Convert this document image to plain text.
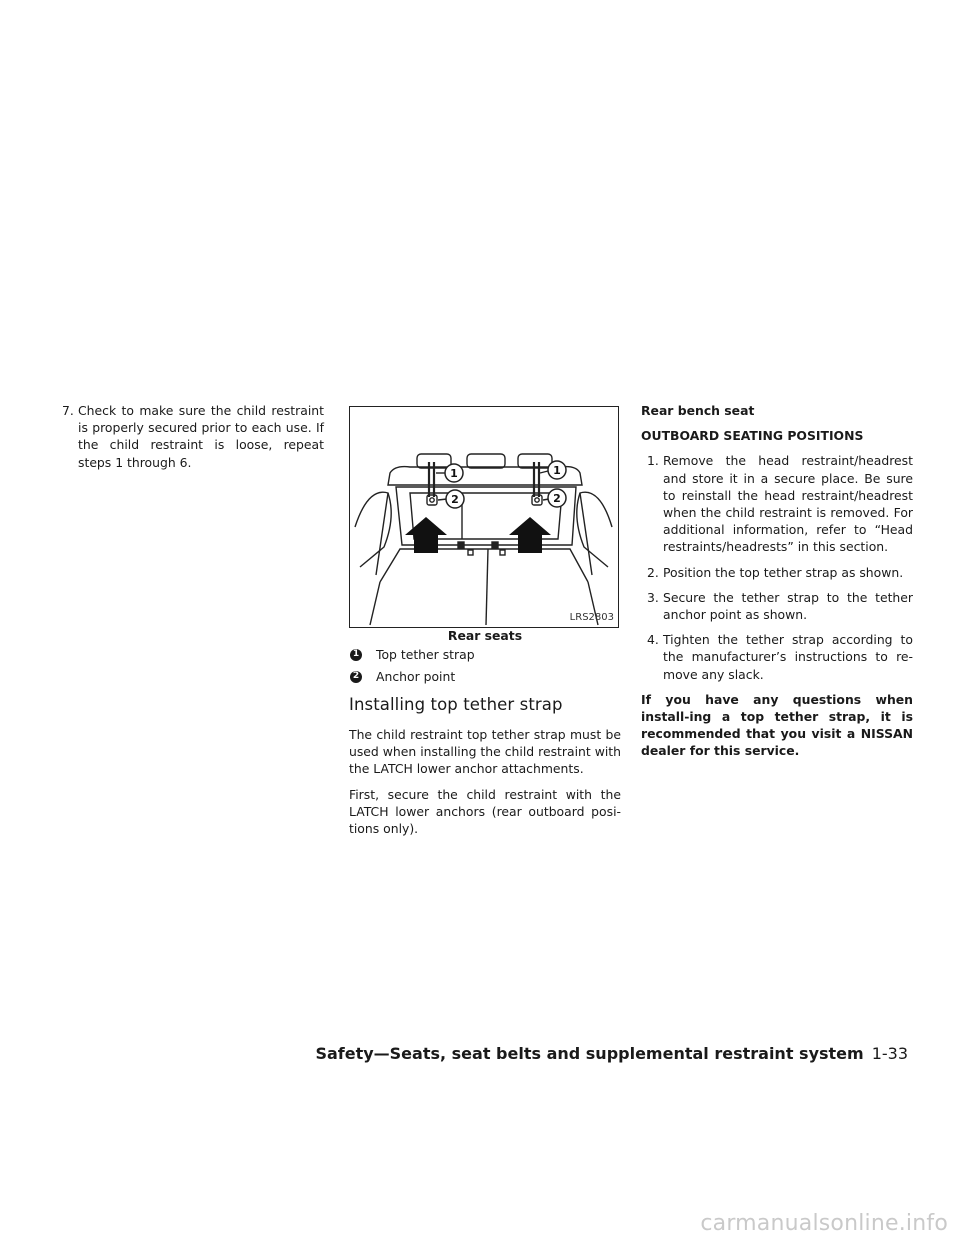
7. Check to make sure the child restraint is properly secured prior to each use. If the child restraint is loose, repeat steps 1 through 6.
1
2
1
2
LRS2803
Rear seats
1 Top tether strap
2 Anchor point
Installing top tether strap

The child restraint top tether strap must be used when installing the child restraint with the LATCH lower anchor attachments.

First, secure the child restraint with the LATCH lower anchors (rear outboard posi-tions only).

Rear bench seat

OUTBOARD SEATING POSITIONS

1. Remove the head restraint/headrest and store it in a secure place. Be sure to reinstall the head restraint/headrest when the child restraint is removed. For additional information, refer to “Head restraints/headrests” in this section.
2. Position the top tether strap as shown.
3. Secure the tether strap to the tether anchor point as shown.
4. Tighten the tether strap according to the manufacturer’s instructions to re-move any slack.

If you have any questions when install-ing a top tether strap, it is recommended that you visit a NISSAN dealer for this service.

Safety—Seats, seat belts and supplemental restraint system 1-33
carmanualsonline.info
